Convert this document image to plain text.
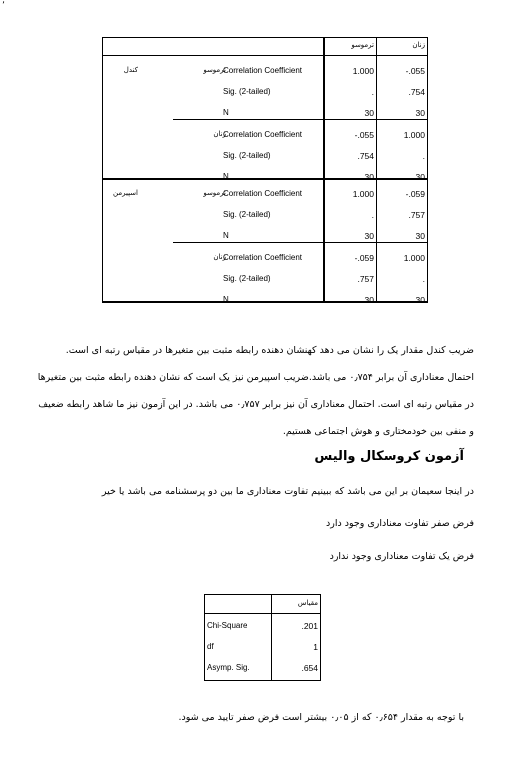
٬
ترموسو	زنان
کندل
اسپیرمن
ترموسو
Correlation Coefficient	1.000	-.055
Sig. (2-tailed)	.	.754
N	30	30
زنان
Correlation Coefficient	-.055	1.000
Sig. (2-tailed)	.754	.
N	30	30
ترموسو
Correlation Coefficient	1.000	-.059
Sig. (2-tailed)	.	.757
N	30	30
زنان
Correlation Coefficient	-.059	1.000
Sig. (2-tailed)	.757	.
N	30	30
ضریب کندل مقدار یک را نشان می دهد کهنشان دهنده رابطه مثبت بین متغیرها در مقیاس رتبه ای است.
احتمال معناداری آن برابر ۰٫۷۵۴ می باشد.ضریب اسپیرمن نیز یک است که نشان دهنده رابطه مثبت بین متغیرها
در مقیاس رتبه ای است. احتمال معناداری آن نیز برابر ۰٫۷۵۷ می باشد. در این آزمون نیز ما شاهد رابطه ضعیف
و منفی بین خودمختاری و هوش اجتماعی هستیم.
آزمون کروسکال والیس
در اینجا سعیمان بر این می باشد که ببینیم تفاوت معناداری ما بین دو پرسشنامه می باشد یا خیر
فرض صفر تفاوت معناداری وجود دارد
فرض یک تفاوت معناداری وجود ندارد
مقیاس
Chi-Square	.201
df	1
Asymp. Sig.	.654
با توجه به مقدار ۰٫۶۵۴ که از ۰٫۰۵ بیشتر است فرض صفر تایید می شود.
